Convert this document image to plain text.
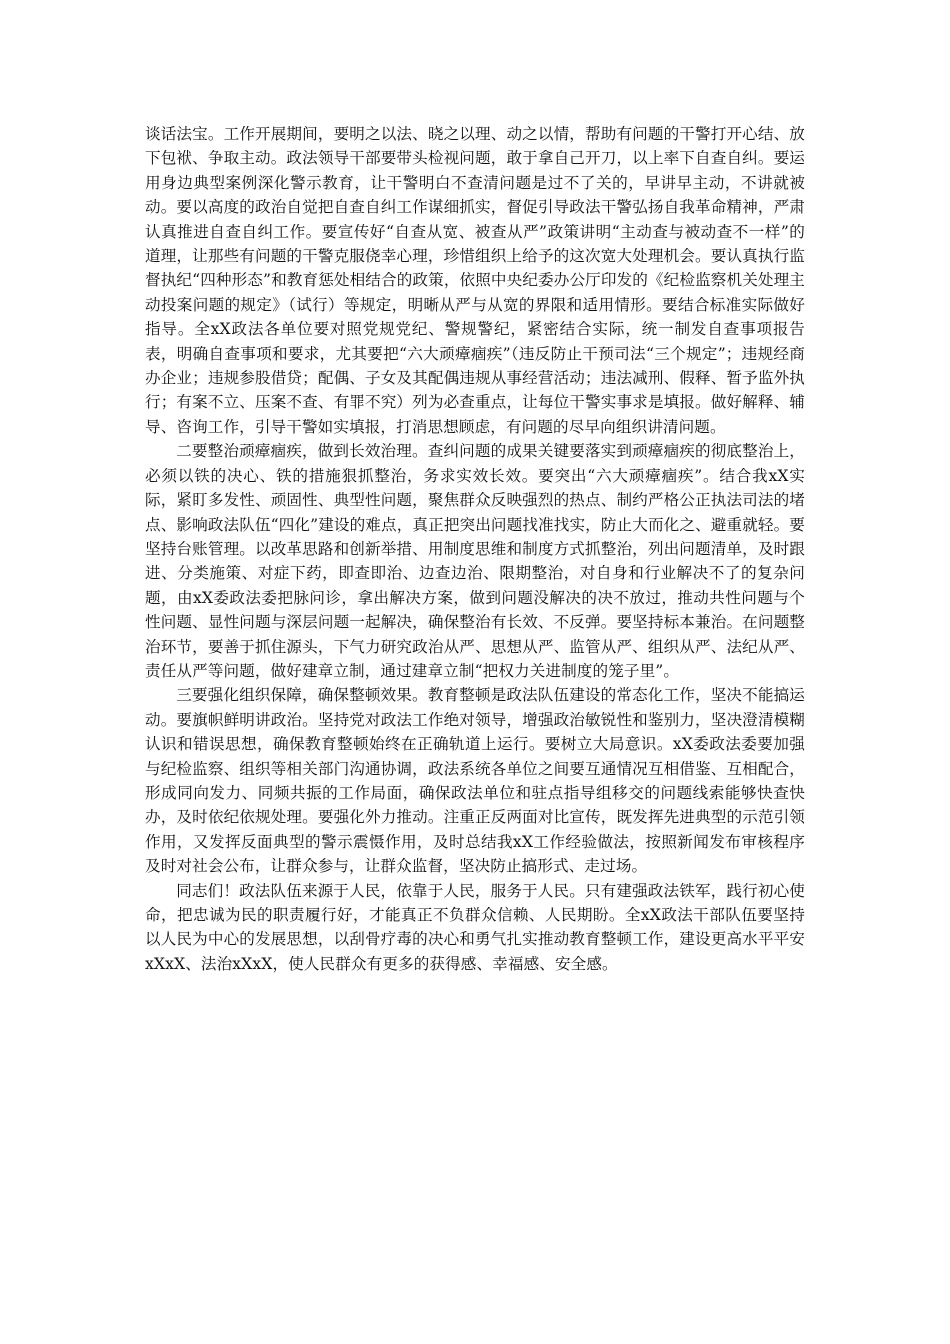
谈话法宝。工作开展期间，要明之以法、晓之以理、动之以情，帮助有问题的干警打开心结、放下包袱、争取主动。政法领导干部要带头检视问题，敢于拿自己开刀，以上率下自查自纠。要运用身边典型案例深化警示教育，让干警明白不查清问题是过不了关的，早讲早主动，不讲就被动。要以高度的政治自觉把自查自纠工作谋细抓实，督促引导政法干警弘扬自我革命精神，严肃认真推进自查自纠工作。要宣传好“自查从宽、被查从严”政策讲明“主动查与被动查不一样”的道理，让那些有问题的干警克服侥幸心理，珍惜组织上给予的这次宽大处理机会。要认真执行监督执纪“四种形态”和教育惩处相结合的政策，依照中央纪委办公厅印发的《纪检监察机关处理主动投案问题的规定》（试行）等规定，明晰从严与从宽的界限和适用情形。要结合标准实际做好指导。全xX政法各单位要对照党规党纪、警规警纪，紧密结合实际，统一制发自查事项报告表，明确自查事项和要求，尤其要把“六大顽瘴痼疾”（违反防止干预司法“三个规定”；违规经商办企业；违规参股借贷；配偶、子女及其配偶违规从事经营活动；违法减刑、假释、暂予监外执行；有案不立、压案不查、有罪不究）列为必查重点，让每位干警实事求是填报。做好解释、辅导、咨询工作，引导干警如实填报，打消思想顾虑，有问题的尽早向组织讲清问题。

二要整治顽瘴痼疾，做到长效治理。查纠问题的成果关键要落实到顽瘴痼疾的彻底整治上，必须以铁的决心、铁的措施狠抓整治，务求实效长效。要突出“六大顽瘴痼疾”。结合我xX实际，紧盯多发性、顽固性、典型性问题，聚焦群众反映强烈的热点、制约严格公正执法司法的堵点、影响政法队伍“四化”建设的难点，真正把突出问题找准找实，防止大而化之、避重就轻。要坚持台账管理。以改革思路和创新举措、用制度思维和制度方式抓整治，列出问题清单，及时跟进、分类施策、对症下药，即查即治、边查边治、限期整治，对自身和行业解决不了的复杂问题，由xX委政法委把脉问诊，拿出解决方案，做到问题没解决的决不放过，推动共性问题与个性问题、显性问题与深层问题一起解决，确保整治有长效、不反弹。要坚持标本兼治。在问题整治环节，要善于抓住源头，下气力研究政治从严、思想从严、监管从严、组织从严、法纪从严、责任从严等问题，做好建章立制，通过建章立制“把权力关进制度的笼子里”。

三要强化组织保障，确保整顿效果。教育整顿是政法队伍建设的常态化工作，坚决不能搞运动。要旗帜鲜明讲政治。坚持党对政法工作绝对领导，增强政治敏锐性和鉴别力，坚决澄清模糊认识和错误思想，确保教育整顿始终在正确轨道上运行。要树立大局意识。xX委政法委要加强与纪检监察、组织等相关部门沟通协调，政法系统各单位之间要互通情况互相借鉴、互相配合，形成同向发力、同频共振的工作局面，确保政法单位和驻点指导组移交的问题线索能够快查快办，及时依纪依规处理。要强化外力推动。注重正反两面对比宣传，既发挥先进典型的示范引领作用，又发挥反面典型的警示震慑作用，及时总结我xX工作经验做法，按照新闻发布审核程序及时对社会公布，让群众参与，让群众监督，坚决防止搞形式、走过场。

同志们！政法队伍来源于人民，依靠于人民，服务于人民。只有建强政法铁军，践行初心使命，把忠诚为民的职责履行好，才能真正不负群众信赖、人民期盼。全xX政法干部队伍要坚持以人民为中心的发展思想，以刮骨疗毒的决心和勇气扎实推动教育整顿工作，建设更高水平平安xXxX、法治xXxX，使人民群众有更多的获得感、幸福感、安全感。
